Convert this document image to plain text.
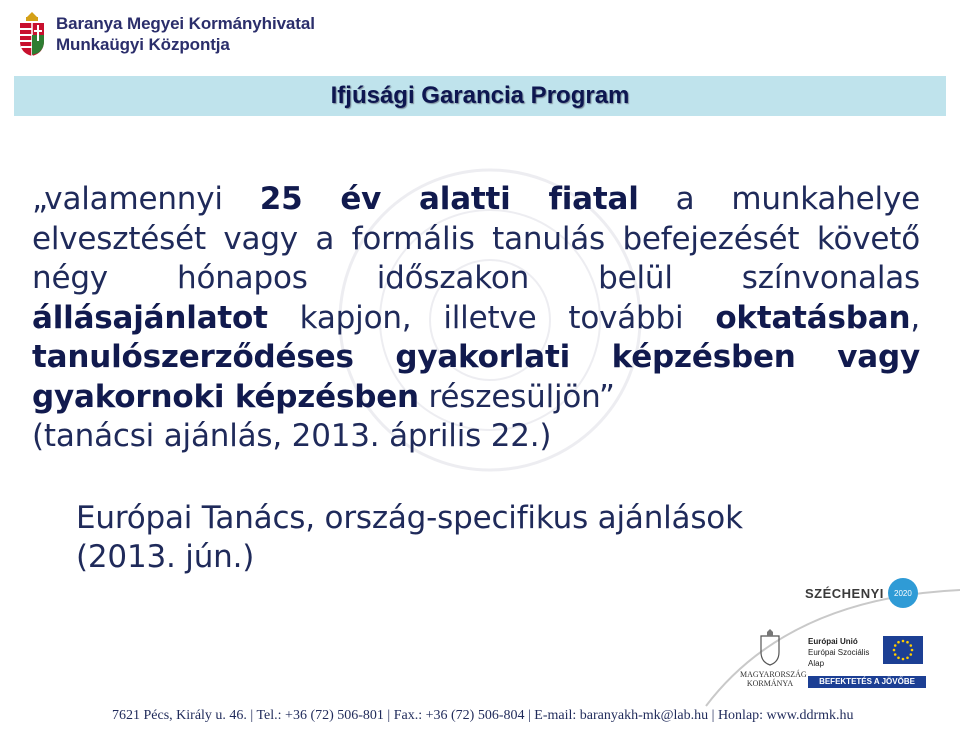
Baranya Megyei Kormányhivatal
Munkaügyi Központja
Ifjúsági Garancia Program
„valamennyi 25 év alatti fiatal a munkahelye elvesztését vagy a formális tanulás befejezését követő négy hónapos időszakon belül színvonalas állásajánlatot kapjon, illetve további oktatásban, tanulószerződéses gyakorlati képzésben vagy gyakornoki képzésben részesüljön”
(tanácsi ajánlás, 2013. április 22.)
Európai Tanács, ország-specifikus ajánlások
(2013. jún.)
SZÉCHENYI	2020
MAGYARORSZÁG
KORMÁNYA
Európai Unió
Európai Szociális
Alap
BEFEKTETÉS A JÖVŐBE
7621 Pécs, Király u. 46. | Tel.: +36 (72) 506-801 | Fax.: +36 (72) 506-804 | E-mail: baranyakh-mk@lab.hu | Honlap: www.ddrmk.hu
